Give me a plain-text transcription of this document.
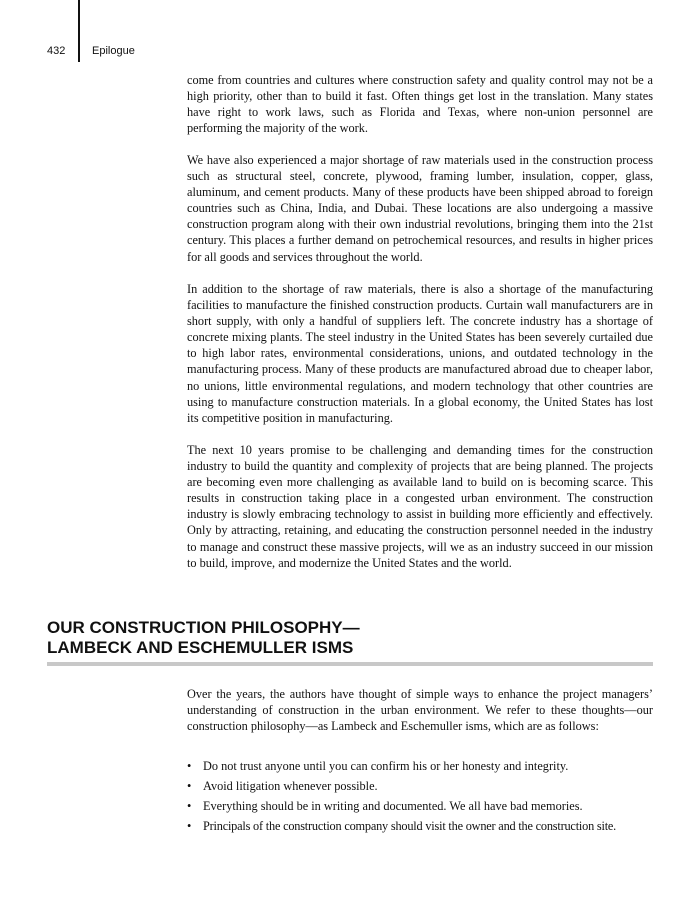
432 Epilogue

come from countries and cultures where construction safety and quality control may not be a high priority, other than to build it fast. Often things get lost in the translation. Many states have right to work laws, such as Florida and Texas, where non-union personnel are performing the majority of the work.

We have also experienced a major shortage of raw materials used in the construction process such as structural steel, concrete, plywood, framing lumber, insulation, copper, glass, aluminum, and cement products. Many of these products have been shipped abroad to foreign countries such as China, India, and Dubai. These locations are also undergoing a massive construction program along with their own industrial revolutions, bringing them into the 21st century. This places a further demand on petrochemical resources, and results in higher prices for all goods and services throughout the world.

In addition to the shortage of raw materials, there is also a shortage of the manufacturing facilities to manufacture the finished construction products. Curtain wall manufacturers are in short supply, with only a handful of suppliers left. The concrete industry has a shortage of concrete mixing plants. The steel industry in the United States has been severely curtailed due to high labor rates, environmental considerations, unions, and outdated technology in the manufacturing process. Many of these products are manufactured abroad due to cheaper labor, no unions, little environmental regulations, and modern technology that other countries are using to manufacture construction materials. In a global economy, the United States has lost its competitive position in manufacturing.

The next 10 years promise to be challenging and demanding times for the construction industry to build the quantity and complexity of projects that are being planned. The projects are becoming even more challenging as available land to build on is becoming scarce. This results in construction taking place in a congested urban environment. The construction industry is slowly embracing technology to assist in building more efficiently and effectively. Only by attracting, retaining, and educating the construction personnel needed in the industry to manage and construct these massive projects, will we as an industry succeed in our mission to build, improve, and modernize the United States and the world.

OUR CONSTRUCTION PHILOSOPHY—
LAMBECK AND ESCHEMULLER ISMS

Over the years, the authors have thought of simple ways to enhance the project managers’ understanding of construction in the urban environment. We refer to these thoughts—our construction philosophy—as Lambeck and Eschemuller isms, which are as follows:

• Do not trust anyone until you can confirm his or her honesty and integrity.
• Avoid litigation whenever possible.
• Everything should be in writing and documented. We all have bad memories.
• Principals of the construction company should visit the owner and the construction site.
